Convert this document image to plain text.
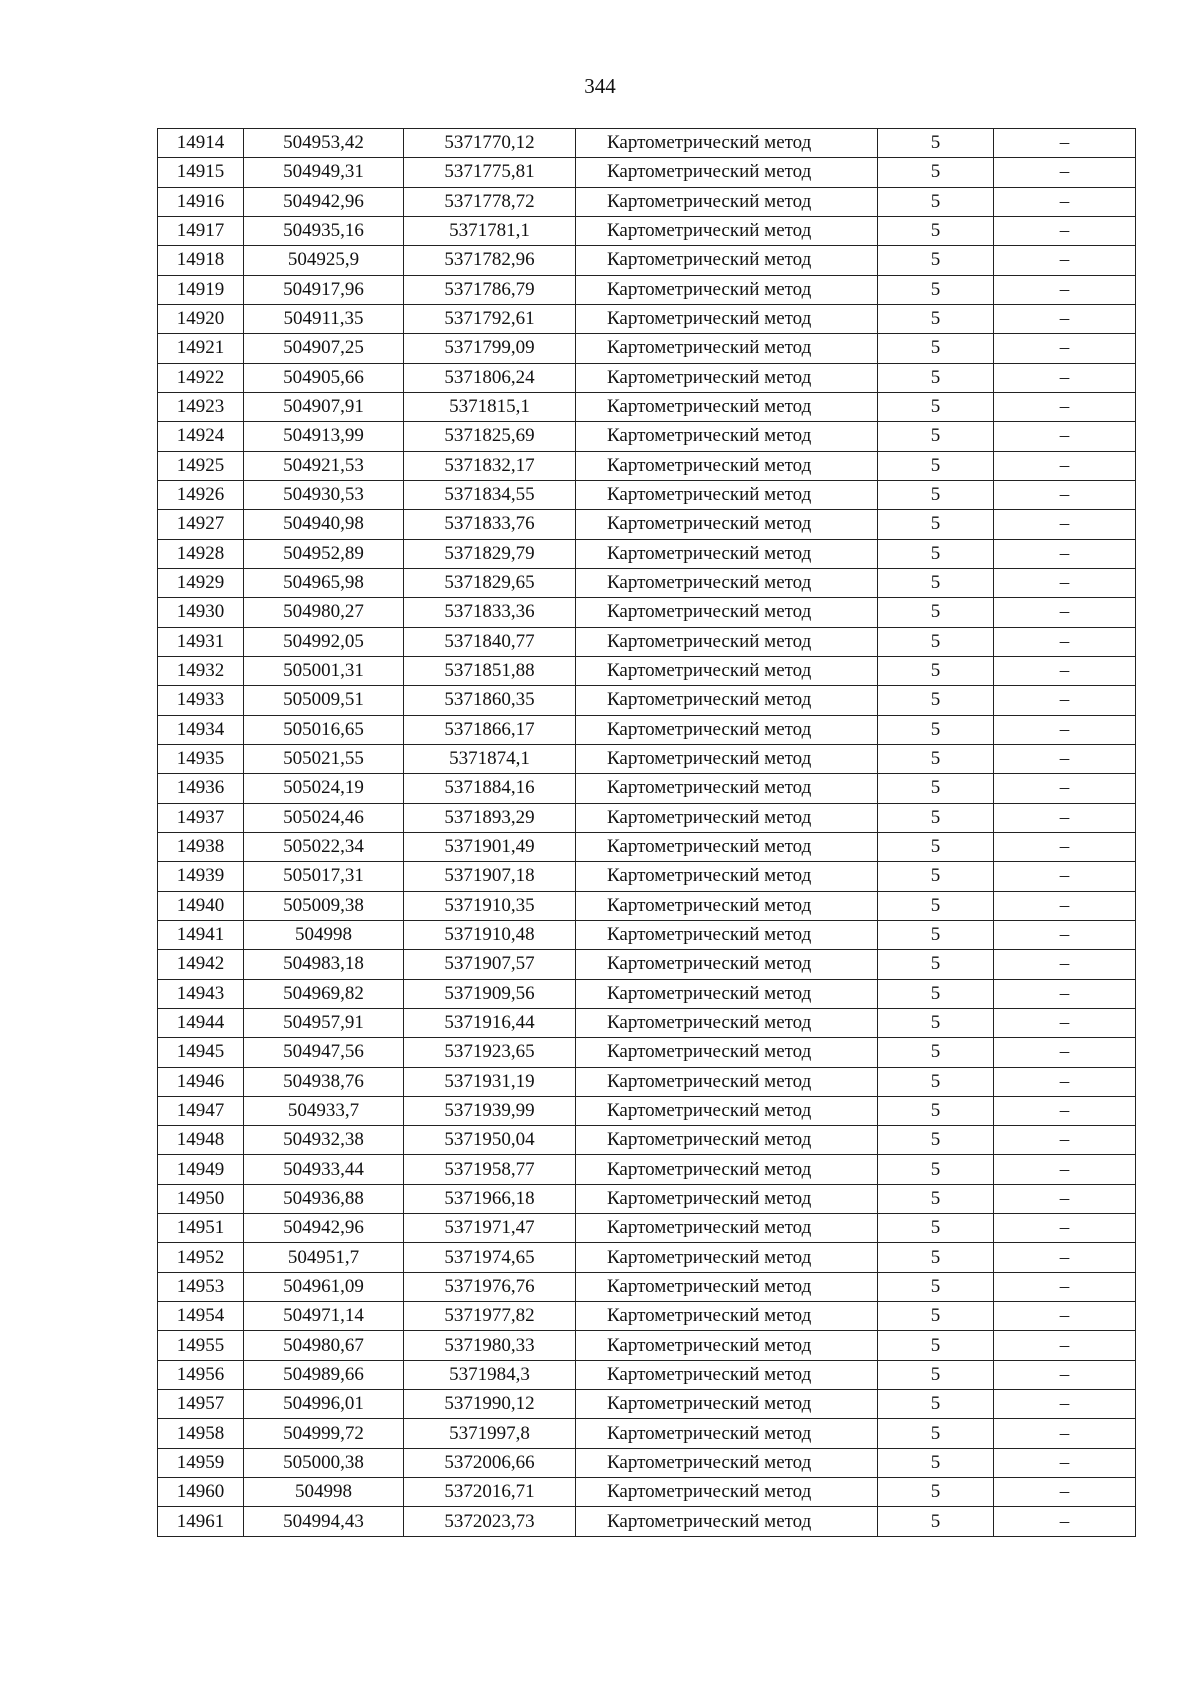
344
14914	504953,42	5371770,12	Картометрический метод	5	–
14915	504949,31	5371775,81	Картометрический метод	5	–
14916	504942,96	5371778,72	Картометрический метод	5	–
14917	504935,16	5371781,1	Картометрический метод	5	–
14918	504925,9	5371782,96	Картометрический метод	5	–
14919	504917,96	5371786,79	Картометрический метод	5	–
14920	504911,35	5371792,61	Картометрический метод	5	–
14921	504907,25	5371799,09	Картометрический метод	5	–
14922	504905,66	5371806,24	Картометрический метод	5	–
14923	504907,91	5371815,1	Картометрический метод	5	–
14924	504913,99	5371825,69	Картометрический метод	5	–
14925	504921,53	5371832,17	Картометрический метод	5	–
14926	504930,53	5371834,55	Картометрический метод	5	–
14927	504940,98	5371833,76	Картометрический метод	5	–
14928	504952,89	5371829,79	Картометрический метод	5	–
14929	504965,98	5371829,65	Картометрический метод	5	–
14930	504980,27	5371833,36	Картометрический метод	5	–
14931	504992,05	5371840,77	Картометрический метод	5	–
14932	505001,31	5371851,88	Картометрический метод	5	–
14933	505009,51	5371860,35	Картометрический метод	5	–
14934	505016,65	5371866,17	Картометрический метод	5	–
14935	505021,55	5371874,1	Картометрический метод	5	–
14936	505024,19	5371884,16	Картометрический метод	5	–
14937	505024,46	5371893,29	Картометрический метод	5	–
14938	505022,34	5371901,49	Картометрический метод	5	–
14939	505017,31	5371907,18	Картометрический метод	5	–
14940	505009,38	5371910,35	Картометрический метод	5	–
14941	504998	5371910,48	Картометрический метод	5	–
14942	504983,18	5371907,57	Картометрический метод	5	–
14943	504969,82	5371909,56	Картометрический метод	5	–
14944	504957,91	5371916,44	Картометрический метод	5	–
14945	504947,56	5371923,65	Картометрический метод	5	–
14946	504938,76	5371931,19	Картометрический метод	5	–
14947	504933,7	5371939,99	Картометрический метод	5	–
14948	504932,38	5371950,04	Картометрический метод	5	–
14949	504933,44	5371958,77	Картометрический метод	5	–
14950	504936,88	5371966,18	Картометрический метод	5	–
14951	504942,96	5371971,47	Картометрический метод	5	–
14952	504951,7	5371974,65	Картометрический метод	5	–
14953	504961,09	5371976,76	Картометрический метод	5	–
14954	504971,14	5371977,82	Картометрический метод	5	–
14955	504980,67	5371980,33	Картометрический метод	5	–
14956	504989,66	5371984,3	Картометрический метод	5	–
14957	504996,01	5371990,12	Картометрический метод	5	–
14958	504999,72	5371997,8	Картометрический метод	5	–
14959	505000,38	5372006,66	Картометрический метод	5	–
14960	504998	5372016,71	Картометрический метод	5	–
14961	504994,43	5372023,73	Картометрический метод	5	–
